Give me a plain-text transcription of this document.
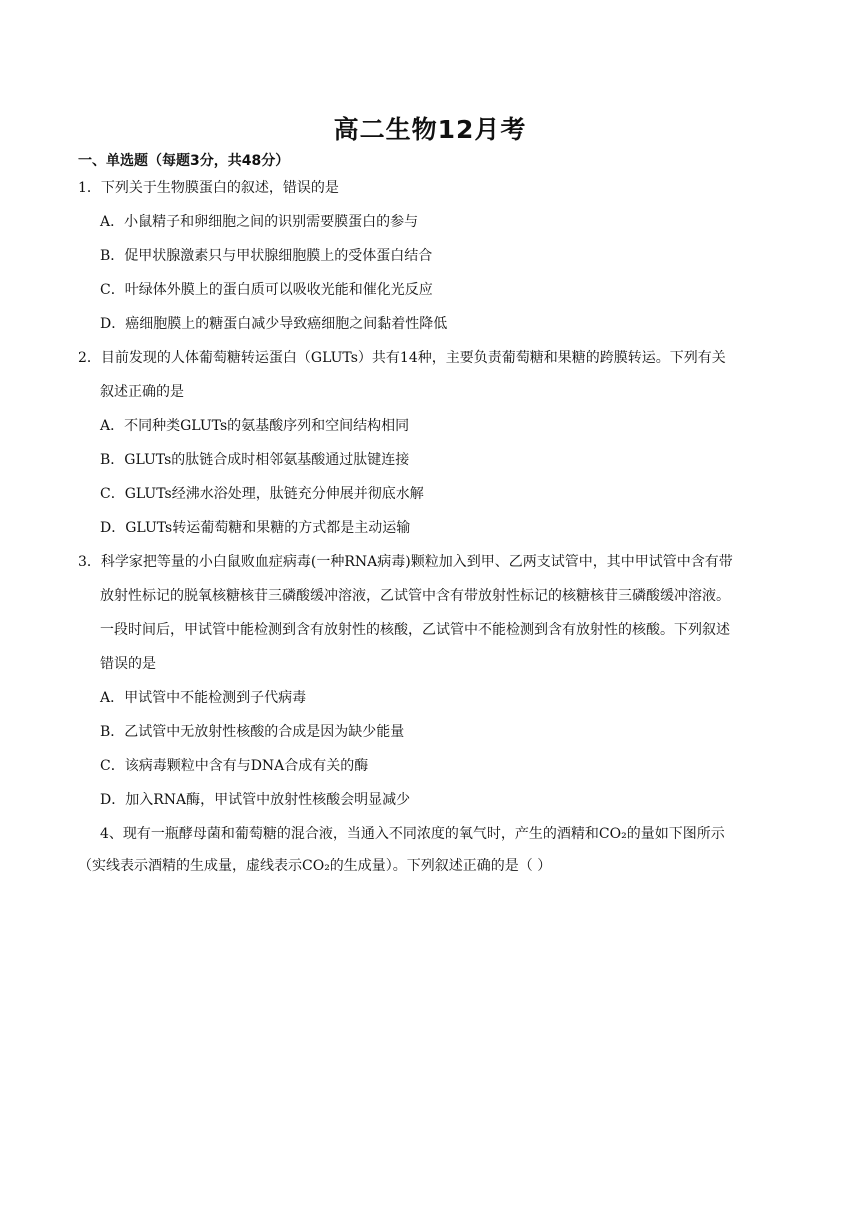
高二生物12月考
一、单选题（每题3分，共48分）
1．下列关于生物膜蛋白的叙述，错误的是
A．小鼠精子和卵细胞之间的识别需要膜蛋白的参与
B．促甲状腺激素只与甲状腺细胞膜上的受体蛋白结合
C．叶绿体外膜上的蛋白质可以吸收光能和催化光反应
D．癌细胞膜上的糖蛋白减少导致癌细胞之间黏着性降低
2．目前发现的人体葡萄糖转运蛋白（GLUTs）共有14种，主要负责葡萄糖和果糖的跨膜转运。下列有关
叙述正确的是
A．不同种类GLUTs的氨基酸序列和空间结构相同
B．GLUTs的肽链合成时相邻氨基酸通过肽键连接
C．GLUTs经沸水浴处理，肽链充分伸展并彻底水解
D．GLUTs转运葡萄糖和果糖的方式都是主动运输
3．科学家把等量的小白鼠败血症病毒(一种RNA病毒)颗粒加入到甲、乙两支试管中，其中甲试管中含有带
放射性标记的脱氧核糖核苷三磷酸缓冲溶液，乙试管中含有带放射性标记的核糖核苷三磷酸缓冲溶液。
一段时间后，甲试管中能检测到含有放射性的核酸，乙试管中不能检测到含有放射性的核酸。下列叙述
错误的是
A．甲试管中不能检测到子代病毒
B．乙试管中无放射性核酸的合成是因为缺少能量
C．该病毒颗粒中含有与DNA合成有关的酶
D．加入RNA酶，甲试管中放射性核酸会明显减少
4、现有一瓶酵母菌和葡萄糖的混合液，当通入不同浓度的氧气时，产生的酒精和CO₂的量如下图所示
（实线表示酒精的生成量，虚线表示CO₂的生成量）。下列叙述正确的是（ ）
